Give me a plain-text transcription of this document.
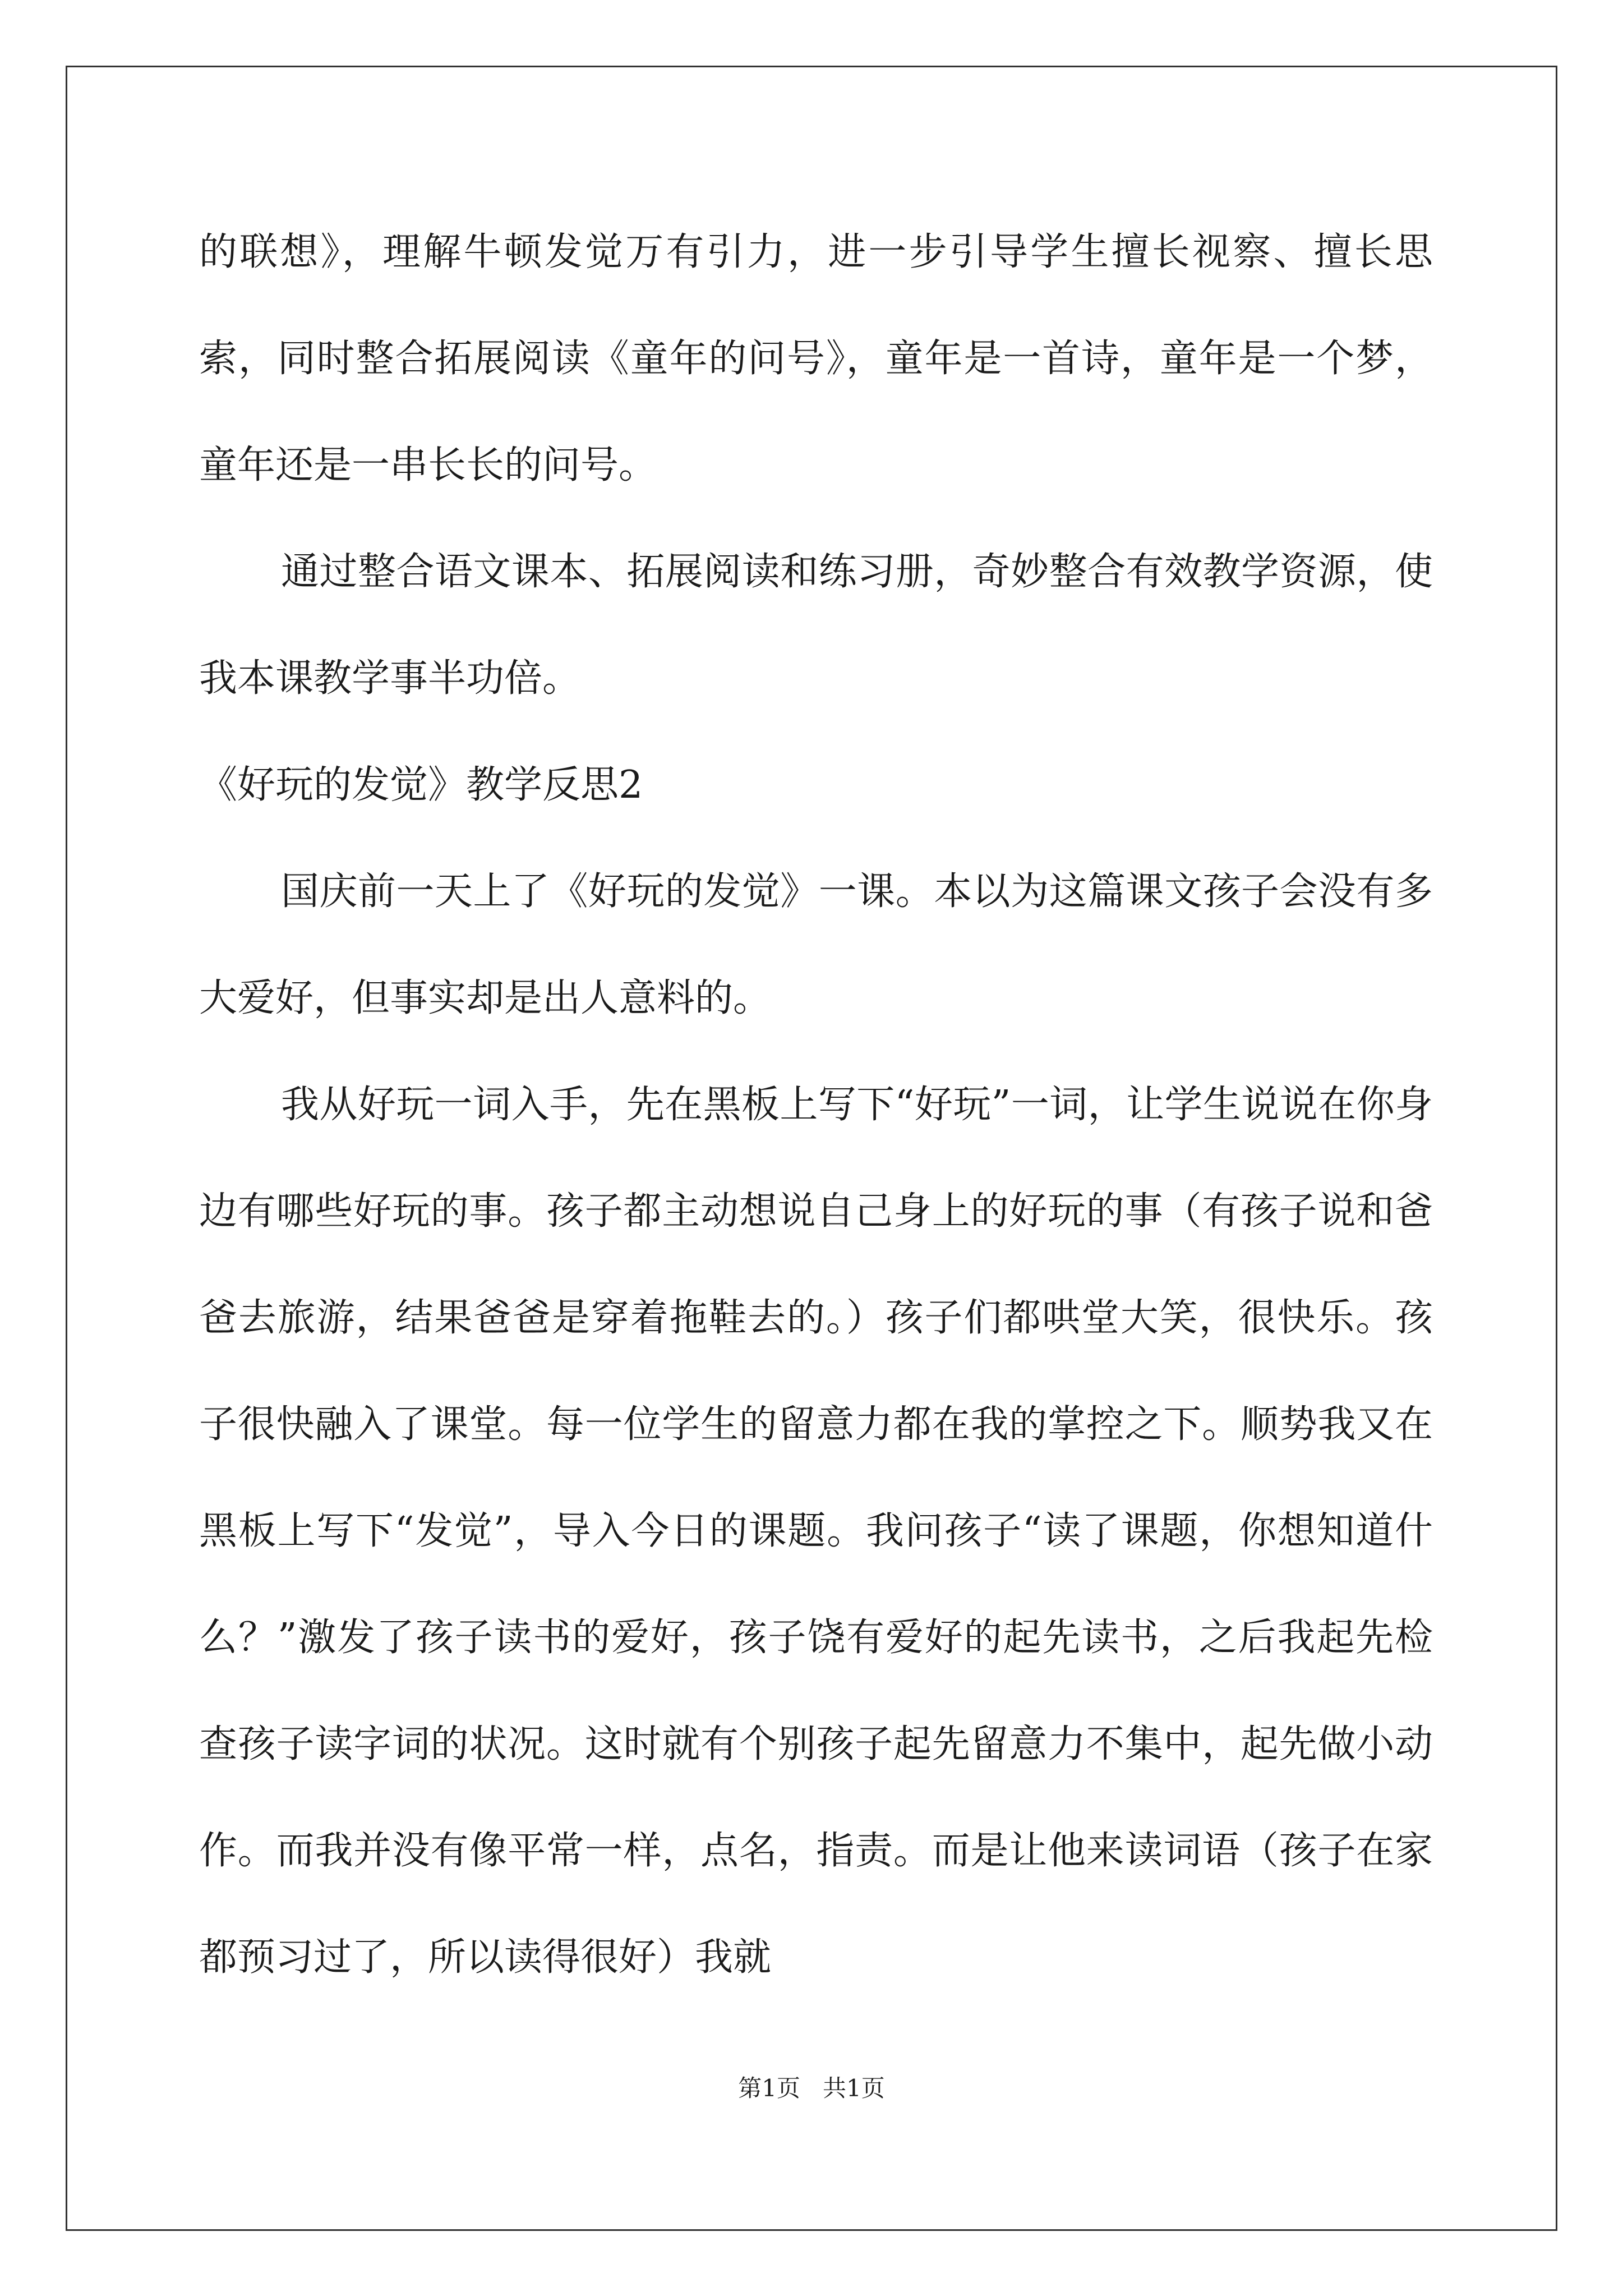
的联想》，理解牛顿发觉万有引力，进一步引导学生擅长视察、擅长思索，同时整合拓展阅读《童年的问号》，童年是一首诗，童年是一个梦，童年还是一串长长的问号。

通过整合语文课本、拓展阅读和练习册，奇妙整合有效教学资源，使我本课教学事半功倍。

《好玩的发觉》教学反思2

国庆前一天上了《好玩的发觉》一课。本以为这篇课文孩子会没有多大爱好，但事实却是出人意料的。

我从好玩一词入手，先在黑板上写下“好玩”一词，让学生说说在你身边有哪些好玩的事。孩子都主动想说自己身上的好玩的事（有孩子说和爸爸去旅游，结果爸爸是穿着拖鞋去的。）孩子们都哄堂大笑，很快乐。孩子很快融入了课堂。每一位学生的留意力都在我的掌控之下。顺势我又在黑板上写下“发觉”，导入今日的课题。我问孩子“读了课题，你想知道什么？”激发了孩子读书的爱好，孩子饶有爱好的起先读书，之后我起先检查孩子读字词的状况。这时就有个别孩子起先留意力不集中，起先做小动作。而我并没有像平常一样，点名，指责。而是让他来读词语（孩子在家都预习过了，所以读得很好）我就

第1页 共1页
